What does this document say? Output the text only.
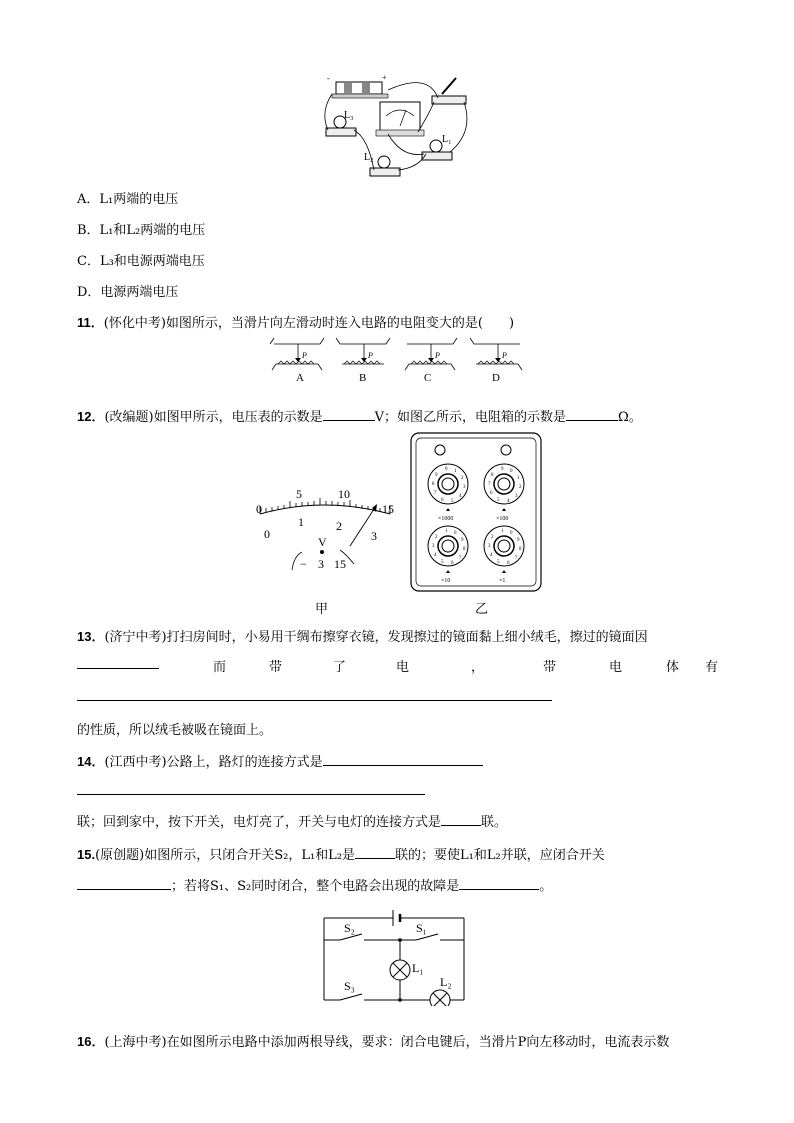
-	+
L₃
L₂
L₁
A．L₁两端的电压
B．L₁和L₂两端的电压
C．L₃和电源两端电压
D．电源两端电压
11．(怀化中考)如图所示，当滑片向左滑动时连入电路的电阻变大的是(　　)
P	P	P	P
A	B	C	D
12．(改编题)如图甲所示，电压表的示数是	V；如图乙所示，电阻箱的示数是	Ω。
0
5	10
15
0
1	2
3
V
− 3 15
甲
0 1
2
3
4
5
6
7
8
9
9 0
1
2
3
4
5
6
7
8
1 0
9
8
7
6
5
4
3
2
1 0
9
8
7
6
5
4
3
2
×1000	×100
×10	×1
乙
13．(济宁中考)打扫房间时，小易用干绸布擦穿衣镜，发现擦过的镜面黏上细小绒毛，擦过的镜面因
而	带	了	电	，	带	电	体 有
的性质，所以绒毛被吸在镜面上。
14．(江西中考)公路上，路灯的连接方式是
联；回到家中，按下开关，电灯亮了，开关与电灯的连接方式是	联。
15.(原创题)如图所示，只闭合开关S₂，L₁和L₂是	联的；要使L₁和L₂并联，应闭合开关
；若将S₁、S₂同时闭合，整个电路会出现的故障是	。
S₂	S₁
L₁
L₂
S₃
16．(上海中考)在如图所示电路中添加两根导线，要求：闭合电键后，当滑片P向左移动时，电流表示数
